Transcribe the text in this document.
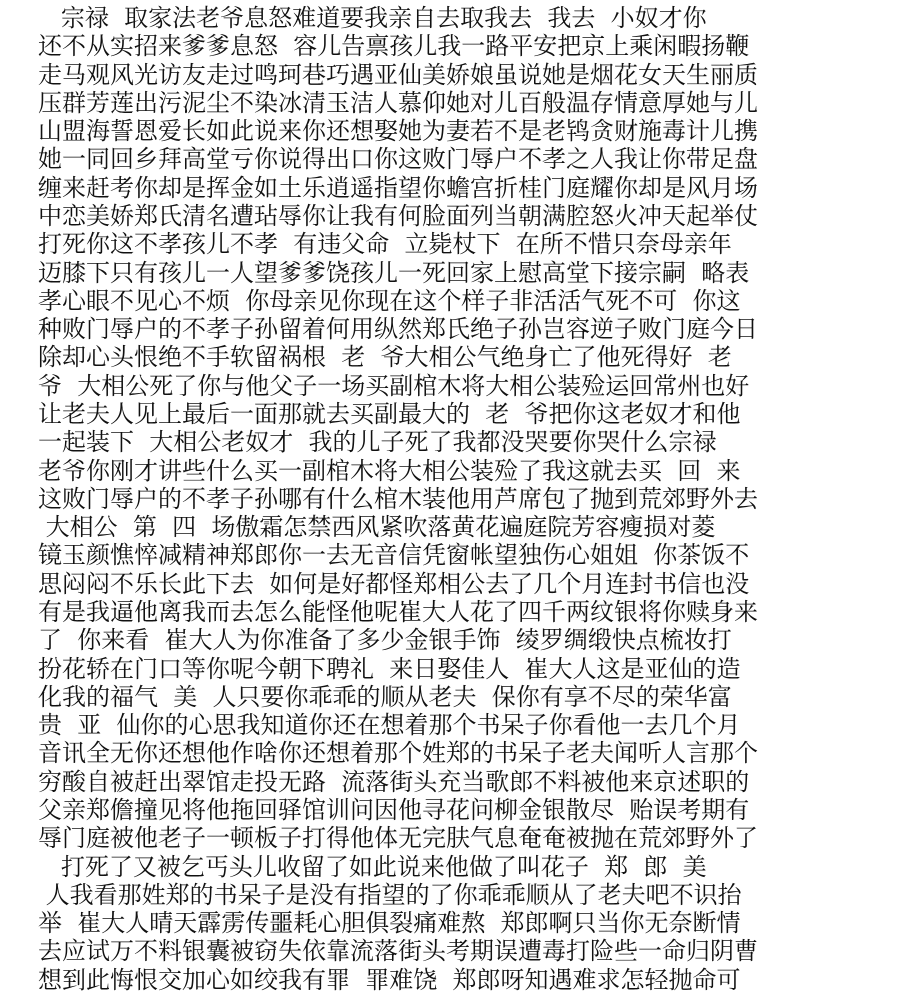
宗禄  取家法老爷息怒难道要我亲自去取我去  我去  小奴才你
还不从实招来爹爹息怒  容儿告禀孩儿我一路平安把京上乘闲暇扬鞭
走马观风光访友走过鸣珂巷巧遇亚仙美娇娘虽说她是烟花女天生丽质
压群芳莲出污泥尘不染冰清玉洁人慕仰她对儿百般温存情意厚她与儿
山盟海誓恩爱长如此说来你还想娶她为妻若不是老鸨贪财施毒计儿携
她一同回乡拜高堂亏你说得出口你这败门辱户不孝之人我让你带足盘
缠来赶考你却是挥金如土乐逍遥指望你蟾宫折桂门庭耀你却是风月场
中恋美娇郑氏清名遭玷辱你让我有何脸面列当朝满腔怒火冲天起举仗
打死你这不孝孩儿不孝  有违父命  立毙杖下  在所不惜只奈母亲年
迈膝下只有孩儿一人望爹爹饶孩儿一死回家上慰高堂下接宗嗣  略表
孝心眼不见心不烦  你母亲见你现在这个样子非活活气死不可  你这
种败门辱户的不孝子孙留着何用纵然郑氏绝子孙岂容逆子败门庭今日
除却心头恨绝不手软留祸根  老  爷大相公气绝身亡了他死得好  老
爷  大相公死了你与他父子一场买副棺木将大相公装殓运回常州也好
让老夫人见上最后一面那就去买副最大的  老  爷把你这老奴才和他
一起装下  大相公老奴才  我的儿子死了我都没哭要你哭什么宗禄
老爷你刚才讲些什么买一副棺木将大相公装殓了我这就去买  回  来
这败门辱户的不孝子孙哪有什么棺木装他用芦席包了抛到荒郊野外去
大相公  第  四  场傲霜怎禁西风紧吹落黄花遍庭院芳容瘦损对菱
镜玉颜憔悴减精神郑郎你一去无音信凭窗帐望独伤心姐姐  你茶饭不
思闷闷不乐长此下去  如何是好都怪郑相公去了几个月连封书信也没
有是我逼他离我而去怎么能怪他呢崔大人花了四千两纹银将你赎身来
了  你来看  崔大人为你准备了多少金银手饰  绫罗绸缎快点梳妆打
扮花轿在门口等你呢今朝下聘礼  来日娶佳人  崔大人这是亚仙的造
化我的福气  美  人只要你乖乖的顺从老夫  保你有享不尽的荣华富
贵  亚  仙你的心思我知道你还在想着那个书呆子你看他一去几个月
音讯全无你还想他作啥你还想着那个姓郑的书呆子老夫闻听人言那个
穷酸自被赶出翠馆走投无路  流落街头充当歌郎不料被他来京述职的
父亲郑儋撞见将他拖回驿馆训问因他寻花问柳金银散尽  贻误考期有
辱门庭被他老子一顿板子打得他体无完肤气息奄奄被抛在荒郊野外了
打死了又被乞丐头儿收留了如此说来他做了叫花子  郑  郎  美
人我看那姓郑的书呆子是没有指望的了你乖乖顺从了老夫吧不识抬
举  崔大人晴天霹雳传噩耗心胆俱裂痛难熬  郑郎啊只当你无奈断情
去应试万不料银囊被窃失依靠流落街头考期误遭毒打险些一命归阴曹
想到此悔恨交加心如绞我有罪  罪难饶  郑郎呀知遇难求怎轻抛命可
